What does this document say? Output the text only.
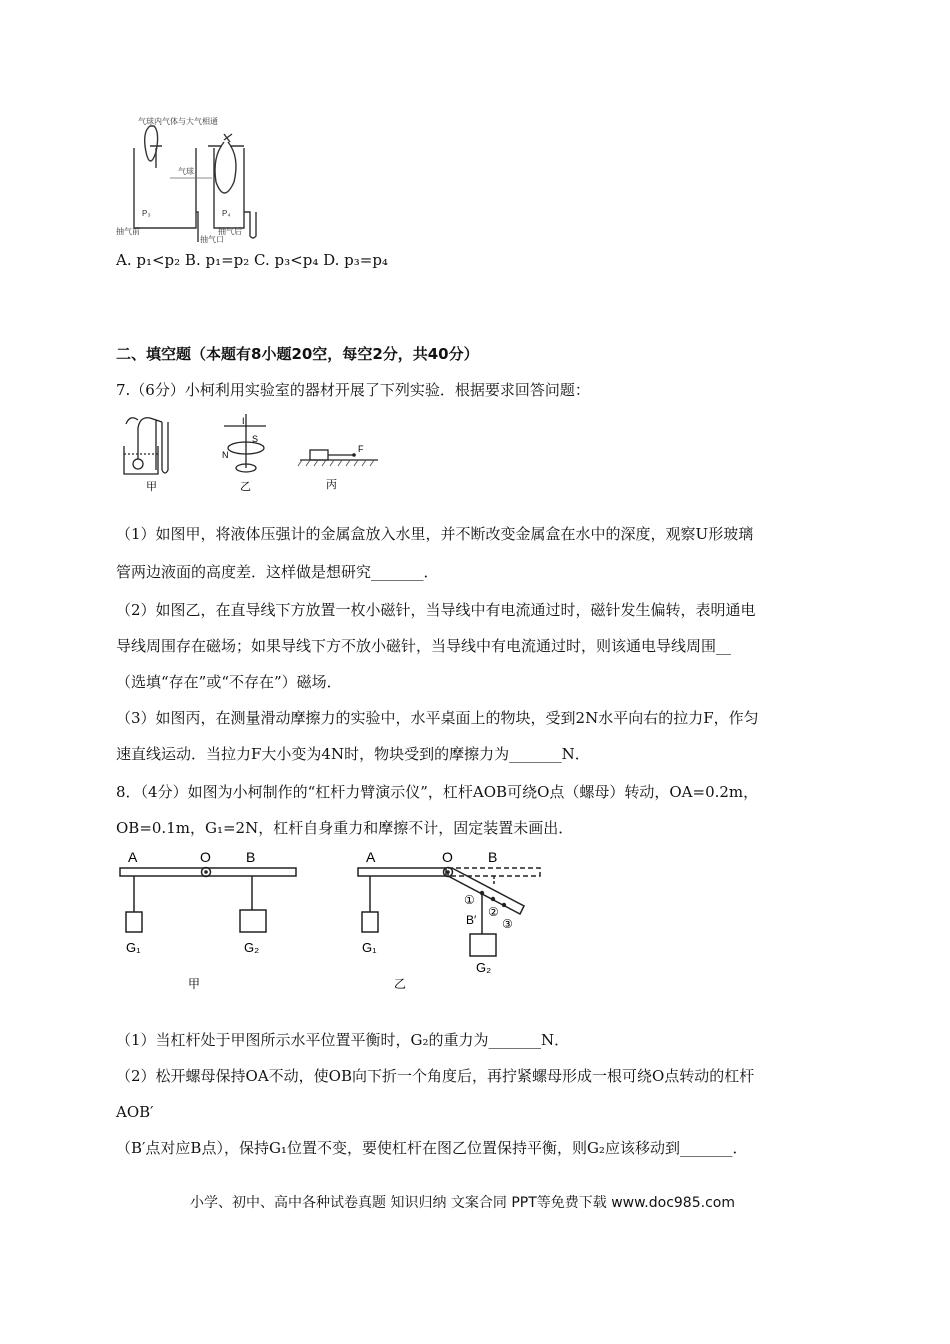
气球内气体与大气相通
气球
P₃	P₄
抽气前
抽气口
抽气后
A. p₁<p₂ B. p₁=p₂ C. p₃<p₄ D. p₃=p₄
二、填空题（本题有8小题20空，每空2分，共40分）
7.（6分）小柯利用实验室的器材开展了下列实验．根据要求回答问题：
I
S
N
F
甲	乙	丙
（1）如图甲，将液体压强计的金属盒放入水里，并不断改变金属盒在水中的深度，观察U形玻璃
管两边液面的高度差．这样做是想研究_______．
（2）如图乙，在直导线下方放置一枚小磁针，当导线中有电流通过时，磁针发生偏转，表明通电
导线周围存在磁场；如果导线下方不放小磁针，当导线中有电流通过时，则该通电导线周围__
（选填“存在”或“不存在”）磁场．
（3）如图丙，在测量滑动摩擦力的实验中，水平桌面上的物块，受到2N水平向右的拉力F，作匀
速直线运动．当拉力F大小变为4N时，物块受到的摩擦力为_______N．
8．（4分）如图为小柯制作的“杠杆力臂演示仪”，杠杆AOB可绕O点（螺母）转动，OA=0.2m，
OB=0.1m，G₁=2N，杠杆自身重力和摩擦不计，固定装置未画出．
A	O	B
G₁	G₂
甲
A	O	B
①
B′
②
③
G₁
G₂
乙
（1）当杠杆处于甲图所示水平位置平衡时，G₂的重力为_______N．
（2）松开螺母保持OA不动，使OB向下折一个角度后，再拧紧螺母形成一根可绕O点转动的杠杆
AOB′
（B′点对应B点），保持G₁位置不变，要使杠杆在图乙位置保持平衡，则G₂应该移动到_______．
小学、初中、高中各种试卷真题 知识归纳 文案合同 PPT等免费下载 www.doc985.com
